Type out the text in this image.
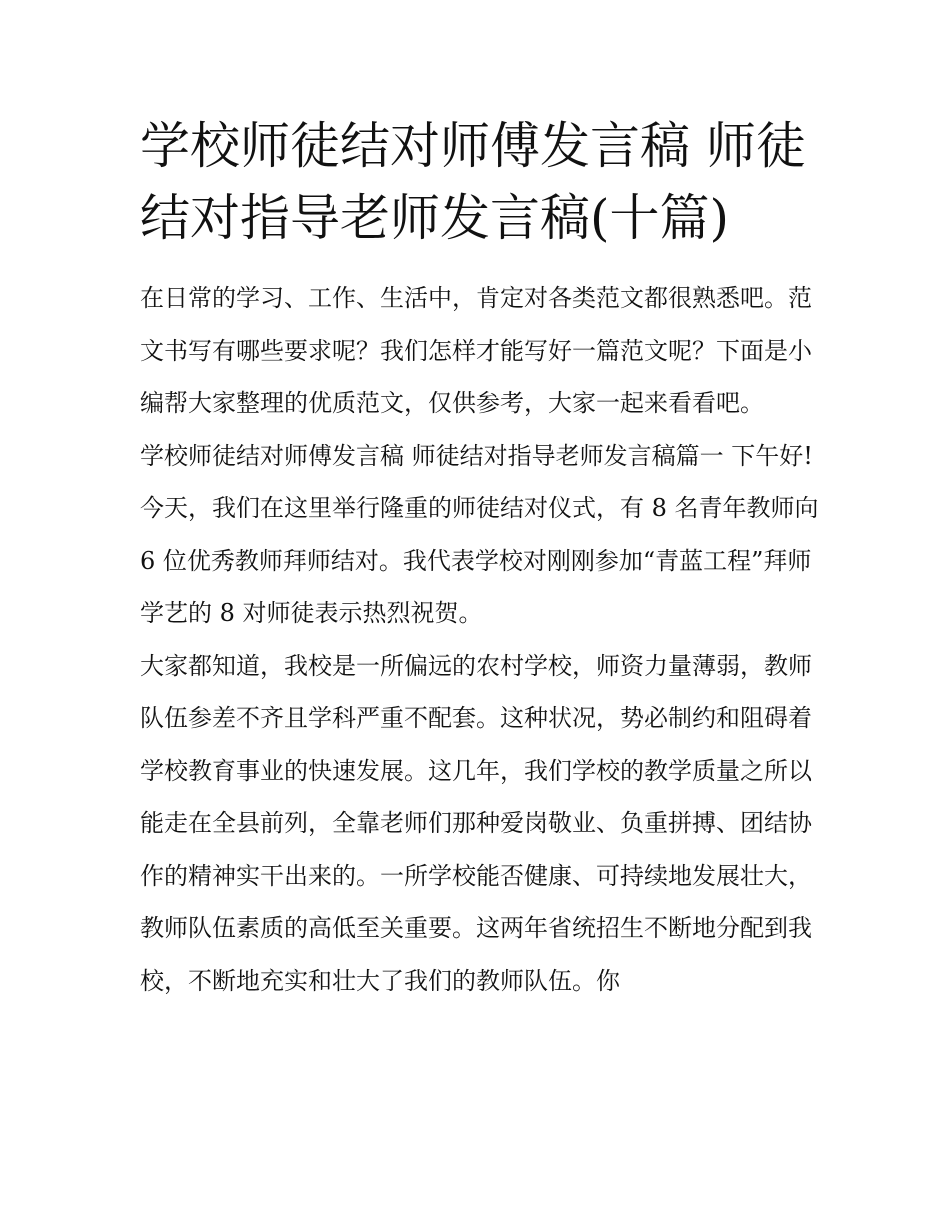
学校师徒结对师傅发言稿 师徒结对指导老师发言稿(十篇)

在日常的学习、工作、生活中，肯定对各类范文都很熟悉吧。范文书写有哪些要求呢？我们怎样才能写好一篇范文呢？下面是小编帮大家整理的优质范文，仅供参考，大家一起来看看吧。

学校师徒结对师傅发言稿 师徒结对指导老师发言稿篇一 下午好!

今天，我们在这里举行隆重的师徒结对仪式，有 8 名青年教师向 6 位优秀教师拜师结对。我代表学校对刚刚参加“青蓝工程”拜师学艺的 8 对师徒表示热烈祝贺。

大家都知道，我校是一所偏远的农村学校，师资力量薄弱，教师队伍参差不齐且学科严重不配套。这种状况，势必制约和阻碍着学校教育事业的快速发展。这几年，我们学校的教学质量之所以能走在全县前列，全靠老师们那种爱岗敬业、负重拼搏、团结协作的精神实干出来的。一所学校能否健康、可持续地发展壮大，教师队伍素质的高低至关重要。这两年省统招生不断地分配到我校，不断地充实和壮大了我们的教师队伍。你
